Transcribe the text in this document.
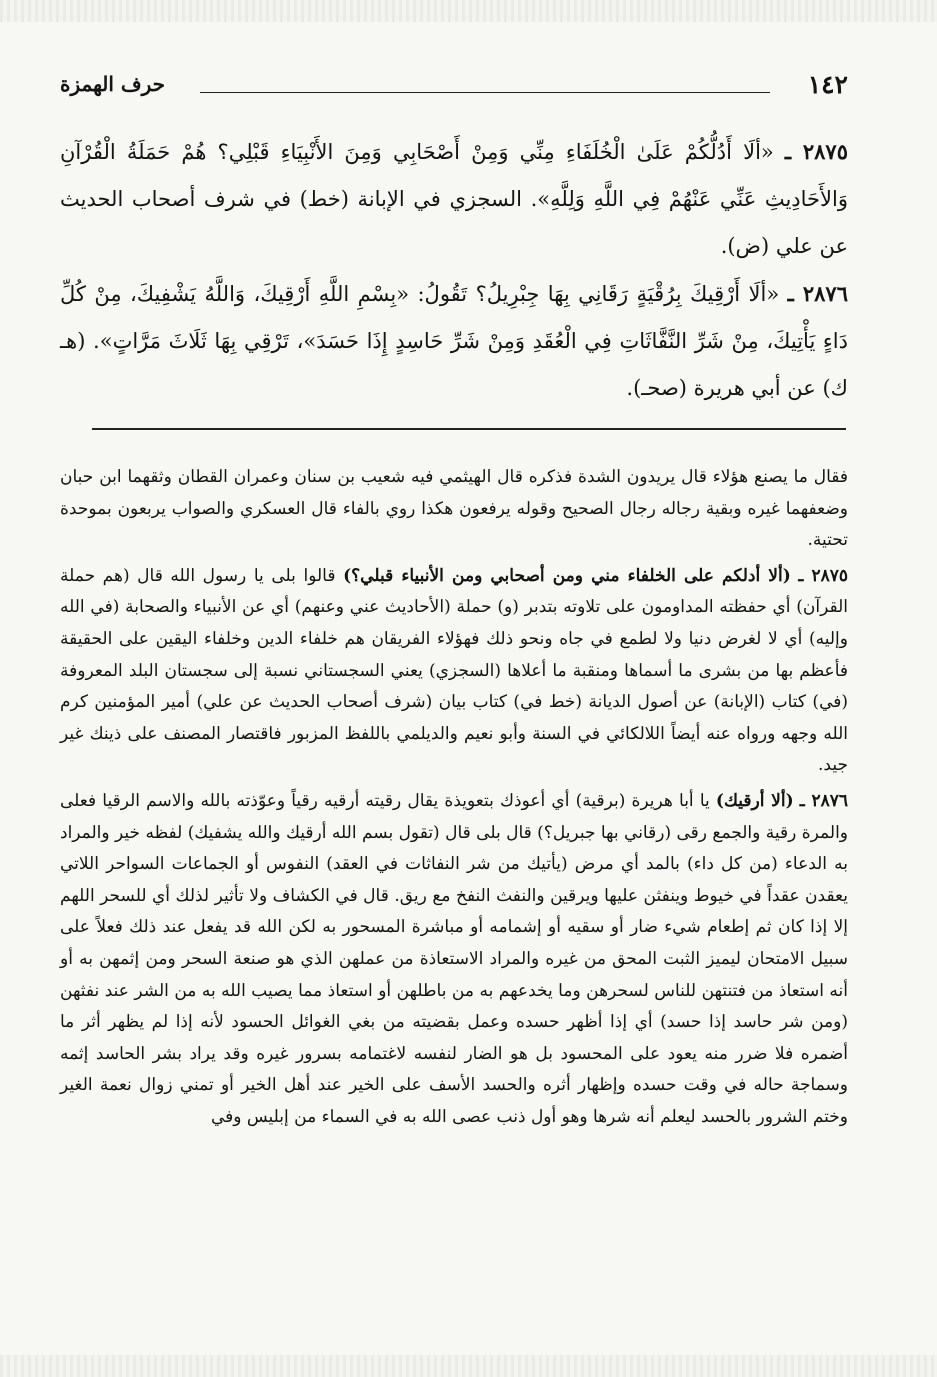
١٤٢
حرف الهمزة

٢٨٧٥ ـ «ألَا أَدُلُّكُمْ عَلَىٰ الْخُلَفَاءِ مِنِّي وَمِنْ أَصْحَابِي وَمِنَ الأَنْبِيَاءِ قَبْلِي؟ هُمْ حَمَلَةُ الْقُرْآنِ وَالأَحَادِيثِ عَنِّي عَنْهُمْ فِي اللَّهِ وَلِلَّهِ». السجزي في الإبانة (خط) في شرف أصحاب الحديث عن علي (ض).

٢٨٧٦ ـ «ألَا أَرْقِيكَ بِرُقْيَةٍ رَقَانِي بِهَا جِبْرِيلُ؟ تَقُولُ: «بِسْمِ اللَّهِ أَرْقِيكَ، وَاللَّهُ يَشْفِيكَ، مِنْ كُلِّ دَاءٍ يَأْتِيكَ، مِنْ شَرِّ النَّفَّاثَاتِ فِي الْعُقَدِ وَمِنْ شَرِّ حَاسِدٍ إِذَا حَسَدَ»، تَرْقِي بِهَا ثَلَاثَ مَرَّاتٍ». (هـ ك) عن أبي هريرة (صحـ).

فقال ما يصنع هؤلاء قال يريدون الشدة فذكره قال الهيثمي فيه شعيب بن سنان وعمران القطان وثقهما ابن حبان وضعفهما غيره وبقية رجاله رجال الصحيح وقوله يرفعون هكذا روي بالفاء قال العسكري والصواب يربعون بموحدة تحتية.

٢٨٧٥ ـ (ألا أدلكم على الخلفاء مني ومن أصحابي ومن الأنبياء قبلي؟) قالوا بلى يا رسول الله قال (هم حملة القرآن) أي حفظته المداومون على تلاوته بتدبر (و) حملة (الأحاديث عني وعنهم) أي عن الأنبياء والصحابة (في الله وإليه) أي لا لغرض دنيا ولا لطمع في جاه ونحو ذلك فهؤلاء الفريقان هم خلفاء الدين وخلفاء اليقين على الحقيقة فأعظم بها من بشرى ما أسماها ومنقبة ما أعلاها (السجزي) يعني السجستاني نسبة إلى سجستان البلد المعروفة (في) كتاب (الإبانة) عن أصول الديانة (خط في) كتاب بيان (شرف أصحاب الحديث عن علي) أمير المؤمنين كرم الله وجهه ورواه عنه أيضاً اللالكائي في السنة وأبو نعيم والديلمي باللفظ المزبور فاقتصار المصنف على ذينك غير جيد.

٢٨٧٦ ـ (ألا أرقيك) يا أبا هريرة (برقية) أي أعوذك بتعويذة يقال رقيته أرقيه رقياً وعوّذته بالله والاسم الرقيا فعلى والمرة رقية والجمع رقى (رقاني بها جبريل؟) قال بلى قال (تقول بسم الله أرقيك والله يشفيك) لفظه خير والمراد به الدعاء (من كل داء) بالمد أي مرض (يأتيك من شر النفاثات في العقد) النفوس أو الجماعات السواحر اللاتي يعقدن عقداً في خيوط وينفثن عليها ويرقين والنفث النفخ مع ريق. قال في الكشاف ولا تأثير لذلك أي للسحر اللهم إلا إذا كان ثم إطعام شيء ضار أو سقيه أو إشمامه أو مباشرة المسحور به لكن الله قد يفعل عند ذلك فعلاً على سبيل الامتحان ليميز الثبت المحق من غيره والمراد الاستعاذة من عملهن الذي هو صنعة السحر ومن إثمهن به أو أنه استعاذ من فتنتهن للناس لسحرهن وما يخدعهم به من باطلهن أو استعاذ مما يصيب الله به من الشر عند نفثهن (ومن شر حاسد إذا حسد) أي إذا أظهر حسده وعمل بقضيته من بغي الغوائل الحسود لأنه إذا لم يظهر أثر ما أضمره فلا ضرر منه يعود على المحسود بل هو الضار لنفسه لاغتمامه بسرور غيره وقد يراد بشر الحاسد إثمه وسماجة حاله في وقت حسده وإظهار أثره والحسد الأسف على الخير عند أهل الخير أو تمني زوال نعمة الغير وختم الشرور بالحسد ليعلم أنه شرها وهو أول ذنب عصى الله به في السماء من إبليس وفي
